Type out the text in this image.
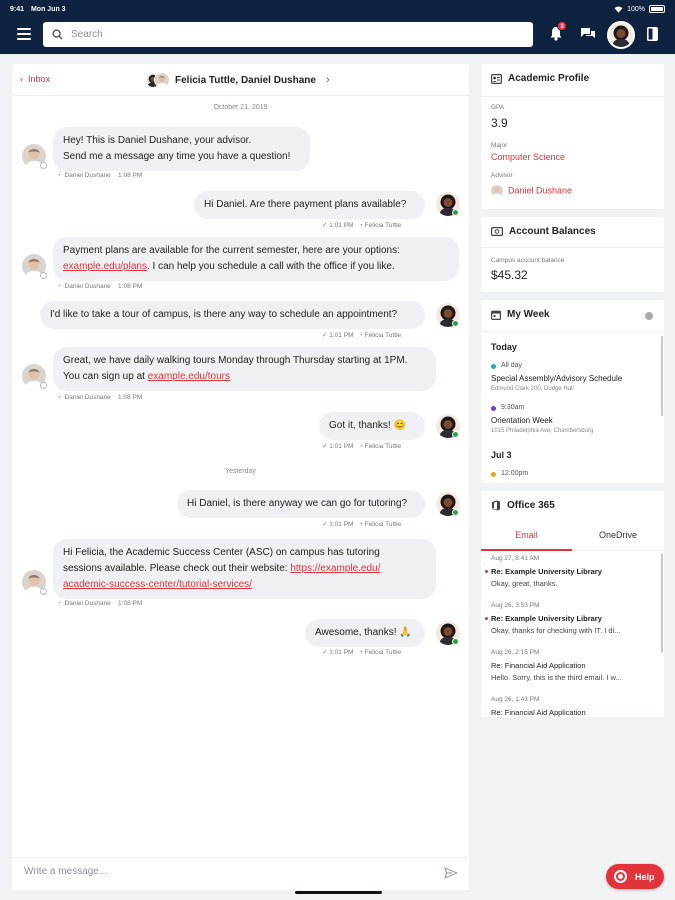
9:41 Mon Jun 3	100%
Search
3
‹  Inbox	Felicia Tuttle, Daniel Dushane ›
October 21, 2019
Hey! This is Daniel Dushane, your advisor.
Send me a message any time you have a question!
◔  Daniel Dushane 1:08 PM
Hi Daniel. Are there payment plans available?
✓ 1:01 PM   ◔ Felicia Tuttle
Payment plans are available for the current semester, here are your options:
example.edu/plans. I can help you schedule a call with the office if you like.
◔  Daniel Dushane 1:08 PM
I'd like to take a tour of campus, is there any way to schedule an appointment?
✓ 1:01 PM   ◔ Felicia Tuttle
Great, we have daily walking tours Monday through Thursday starting at 1PM.
You can sign up at example.edu/tours
◔  Daniel Dushane 1:08 PM
Got it, thanks! 😊
✓ 1:01 PM   ◔ Felicia Tuttle
Yesterday
Hi Daniel, is there anyway we can go for tutoring?
✓ 1:01 PM   ◔ Felicia Tuttle
Hi Felicia, the Academic Success Center (ASC) on campus has tutoring
sessions available. Please check out their website: https://example.edu/
academic-success-center/tutorial-services/
◔  Daniel Dushane 1:08 PM
Awesome, thanks! 🙏
✓ 1:01 PM   ◔ Felicia Tuttle
Write a message...
Academic Profile
GPA
3.9
Major
Computer Science
Advisor
Daniel Dushane
Account Balances
Campus account balance
$45.32
My Week
Today
All day
Special Assembly/Advisory Schedule
Edmund Clark 200, Dodge Hall
9:30am
Orientation Week
1015 Philadelphia Ave, Chambersburg
Jul 3
12:00pm
Office 365
Email	OneDrive
Aug 27, 8:41 AM
Re: Example University Library
Okay, great, thanks.
Aug 26, 3:53 PM
Re: Example University Library
Okay, thanks for checking with IT. I di...
Aug 26, 2:15 PM
Re: Financial Aid Application
Hello. Sorry, this is the third email. I w...
Aug 26, 1:43 PM
Re: Financial Aid Application
Help
